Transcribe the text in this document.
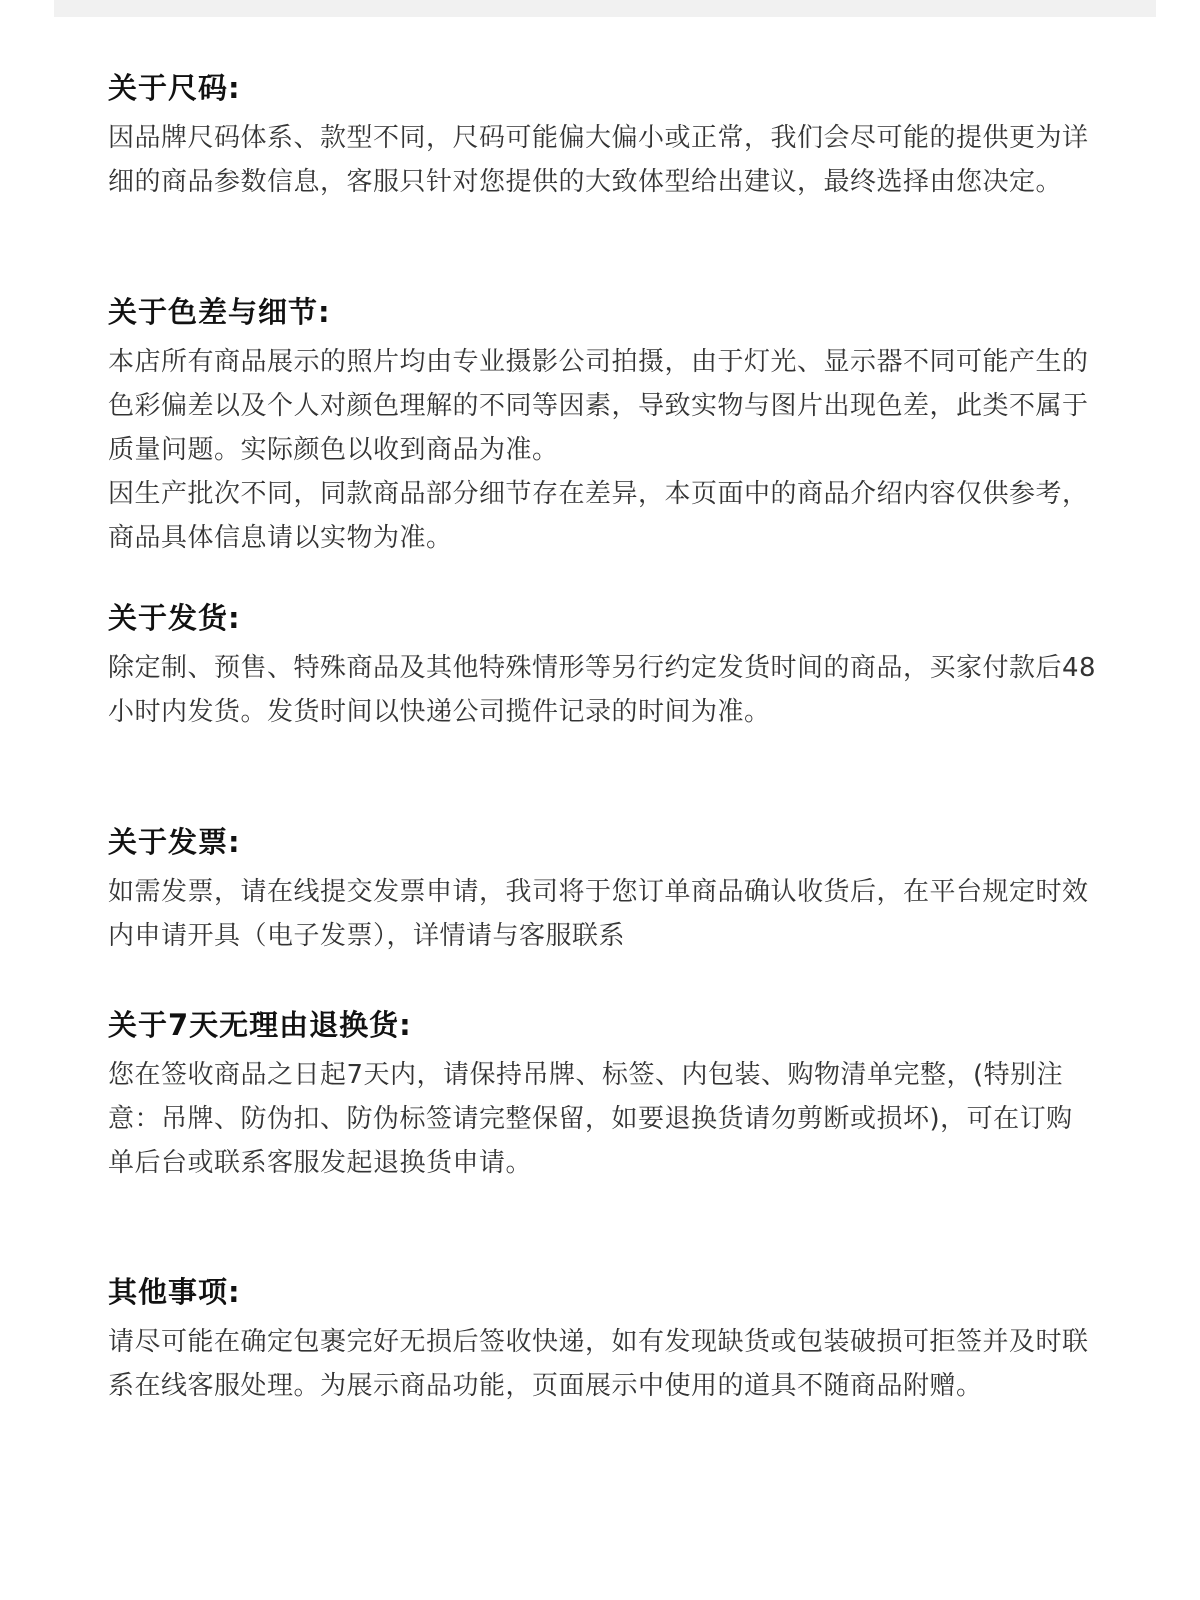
关于尺码:

因品牌尺码体系、款型不同，尺码可能偏大偏小或正常，我们会尽可能的提供更为详细的商品参数信息，客服只针对您提供的大致体型给出建议，最终选择由您决定。

关于色差与细节:

本店所有商品展示的照片均由专业摄影公司拍摄，由于灯光、显示器不同可能产生的色彩偏差以及个人对颜色理解的不同等因素，导致实物与图片出现色差，此类不属于质量问题。实际颜色以收到商品为准。

因生产批次不同，同款商品部分细节存在差异，本页面中的商品介绍内容仅供参考，商品具体信息请以实物为准。

关于发货:

除定制、预售、特殊商品及其他特殊情形等另行约定发货时间的商品，买家付款后48小时内发货。发货时间以快递公司揽件记录的时间为准。

关于发票:

如需发票，请在线提交发票申请，我司将于您订单商品确认收货后，在平台规定时效内申请开具（电子发票），详情请与客服联系

关于7天无理由退换货:

您在签收商品之日起7天内，请保持吊牌、标签、内包装、购物清单完整，(特别注意：吊牌、防伪扣、防伪标签请完整保留，如要退换货请勿剪断或损坏)，可在订购单后台或联系客服发起退换货申请。

其他事项:

请尽可能在确定包裹完好无损后签收快递，如有发现缺货或包装破损可拒签并及时联系在线客服处理。为展示商品功能，页面展示中使用的道具不随商品附赠。
